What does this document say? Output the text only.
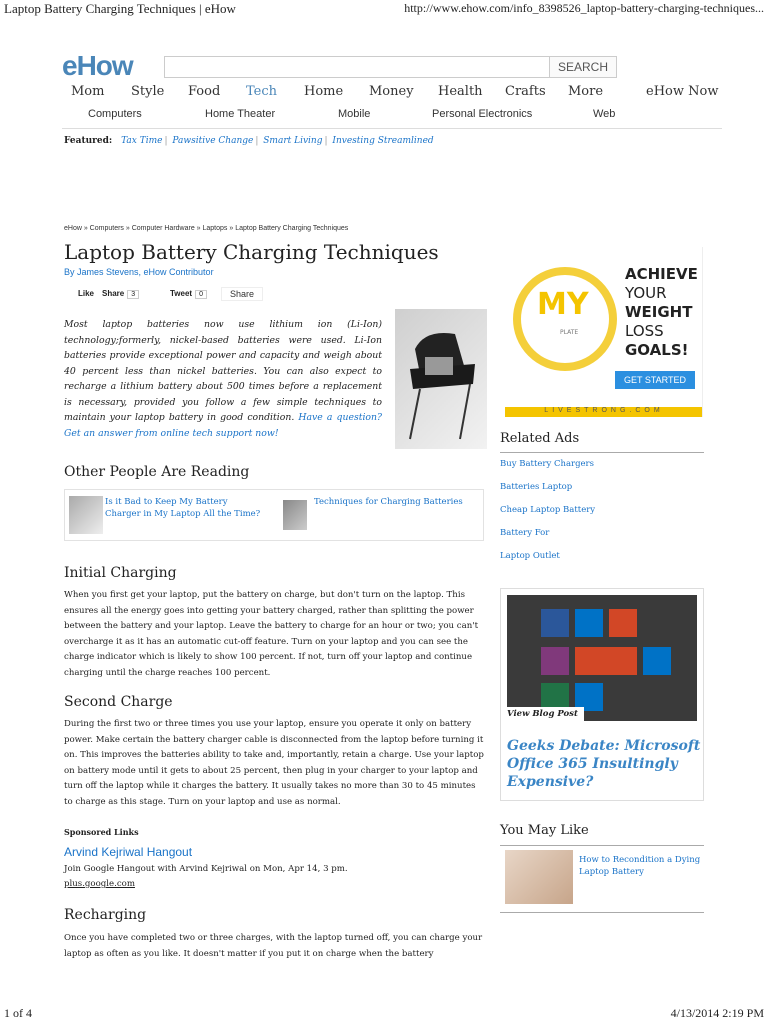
Laptop Battery Charging Techniques | eHow	http://www.ehow.com/info_8398526_laptop-battery-charging-techniques...
eHow	SEARCH
Mom Style Food Tech Home Money Health Crafts More	eHow Now
Computers	Home Theater	Mobile	Personal Electronics	Web
Featured: Tax Time | Pawsitive Change | Smart Living | Investing Streamlined
eHow » Computers » Computer Hardware » Laptops » Laptop Battery Charging Techniques
Laptop Battery Charging Techniques
By James Stevens, eHow Contributor
Like Share 3	Tweet 0	Share
Most laptop batteries now use lithium ion (Li-Ion) technology;formerly, nickel-based batteries were used. Li-Ion batteries provide exceptional power and capacity and weigh about 40 percent less than nickel batteries. You can also expect to recharge a lithium battery about 500 times before a replacement is necessary, provided you follow a few simple techniques to maintain your laptop battery in good condition. Have a question? Get an answer from online tech support now!
Other People Are Reading
Is it Bad to Keep My Battery Charger in My Laptop All the Time?
Techniques for Charging Batteries
Initial Charging
When you first get your laptop, put the battery on charge, but don't turn on the laptop. This ensures all the energy goes into getting your battery charged, rather than splitting the power between the battery and your laptop. Leave the battery to charge for an hour or two; you can't overcharge it as it has an automatic cut-off feature. Turn on your laptop and you can see the charge indicator which is likely to show 100 percent. If not, turn off your laptop and continue charging until the charge reaches 100 percent.
Second Charge
During the first two or three times you use your laptop, ensure you operate it only on battery power. Make certain the battery charger cable is disconnected from the laptop before turning it on. This improves the batteries ability to take and, importantly, retain a charge. Use your laptop on battery mode until it gets to about 25 percent, then plug in your charger to your laptop and turn off the laptop while it charges the battery. It usually takes no more than 30 to 45 minutes to charge as this stage. Turn on your laptop and use as normal.
Sponsored Links
Arvind Kejriwal Hangout
Join Google Hangout with Arvind Kejriwal on Mon, Apr 14, 3 pm.
plus.google.com
Recharging
Once you have completed two or three charges, with the laptop turned off, you can charge your laptop as often as you like. It doesn't matter if you put it on charge when the battery
MY
PLATE
ACHIEVE
YOUR
WEIGHT
LOSS
GOALS!
GET STARTED
LIVESTRONG.COM
Related Ads
Buy Battery Chargers
Batteries Laptop
Cheap Laptop Battery
Battery For
Laptop Outlet
View Blog Post
Geeks Debate: Microsoft Office 365 Insultingly Expensive?
You May Like
How to Recondition a Dying Laptop Battery
1 of 4	4/13/2014 2:19 PM
